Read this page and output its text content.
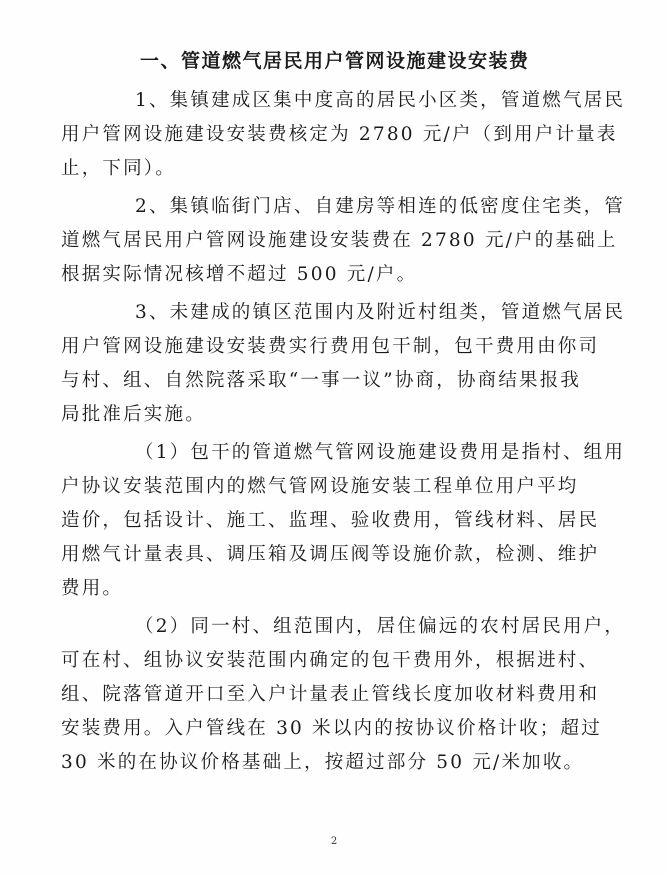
一、管道燃气居民用户管网设施建设安装费

1、集镇建成区集中度高的居民小区类，管道燃气居民
用户管网设施建设安装费核定为 2780 元/户（到用户计量表
止，下同）。

2、集镇临街门店、自建房等相连的低密度住宅类，管
道燃气居民用户管网设施建设安装费在 2780 元/户的基础上
根据实际情况核增不超过 500 元/户。

3、未建成的镇区范围内及附近村组类，管道燃气居民
用户管网设施建设安装费实行费用包干制，包干费用由你司
与村、组、自然院落采取“一事一议”协商，协商结果报我
局批准后实施。

（1）包干的管道燃气管网设施建设费用是指村、组用
户协议安装范围内的燃气管网设施安装工程单位用户平均
造价，包括设计、施工、监理、验收费用，管线材料、居民
用燃气计量表具、调压箱及调压阀等设施价款，检测、维护
费用。

（2）同一村、组范围内，居住偏远的农村居民用户，
可在村、组协议安装范围内确定的包干费用外，根据进村、
组、院落管道开口至入户计量表止管线长度加收材料费用和
安装费用。入户管线在 30 米以内的按协议价格计收；超过
30 米的在协议价格基础上，按超过部分 50 元/米加收。

2
